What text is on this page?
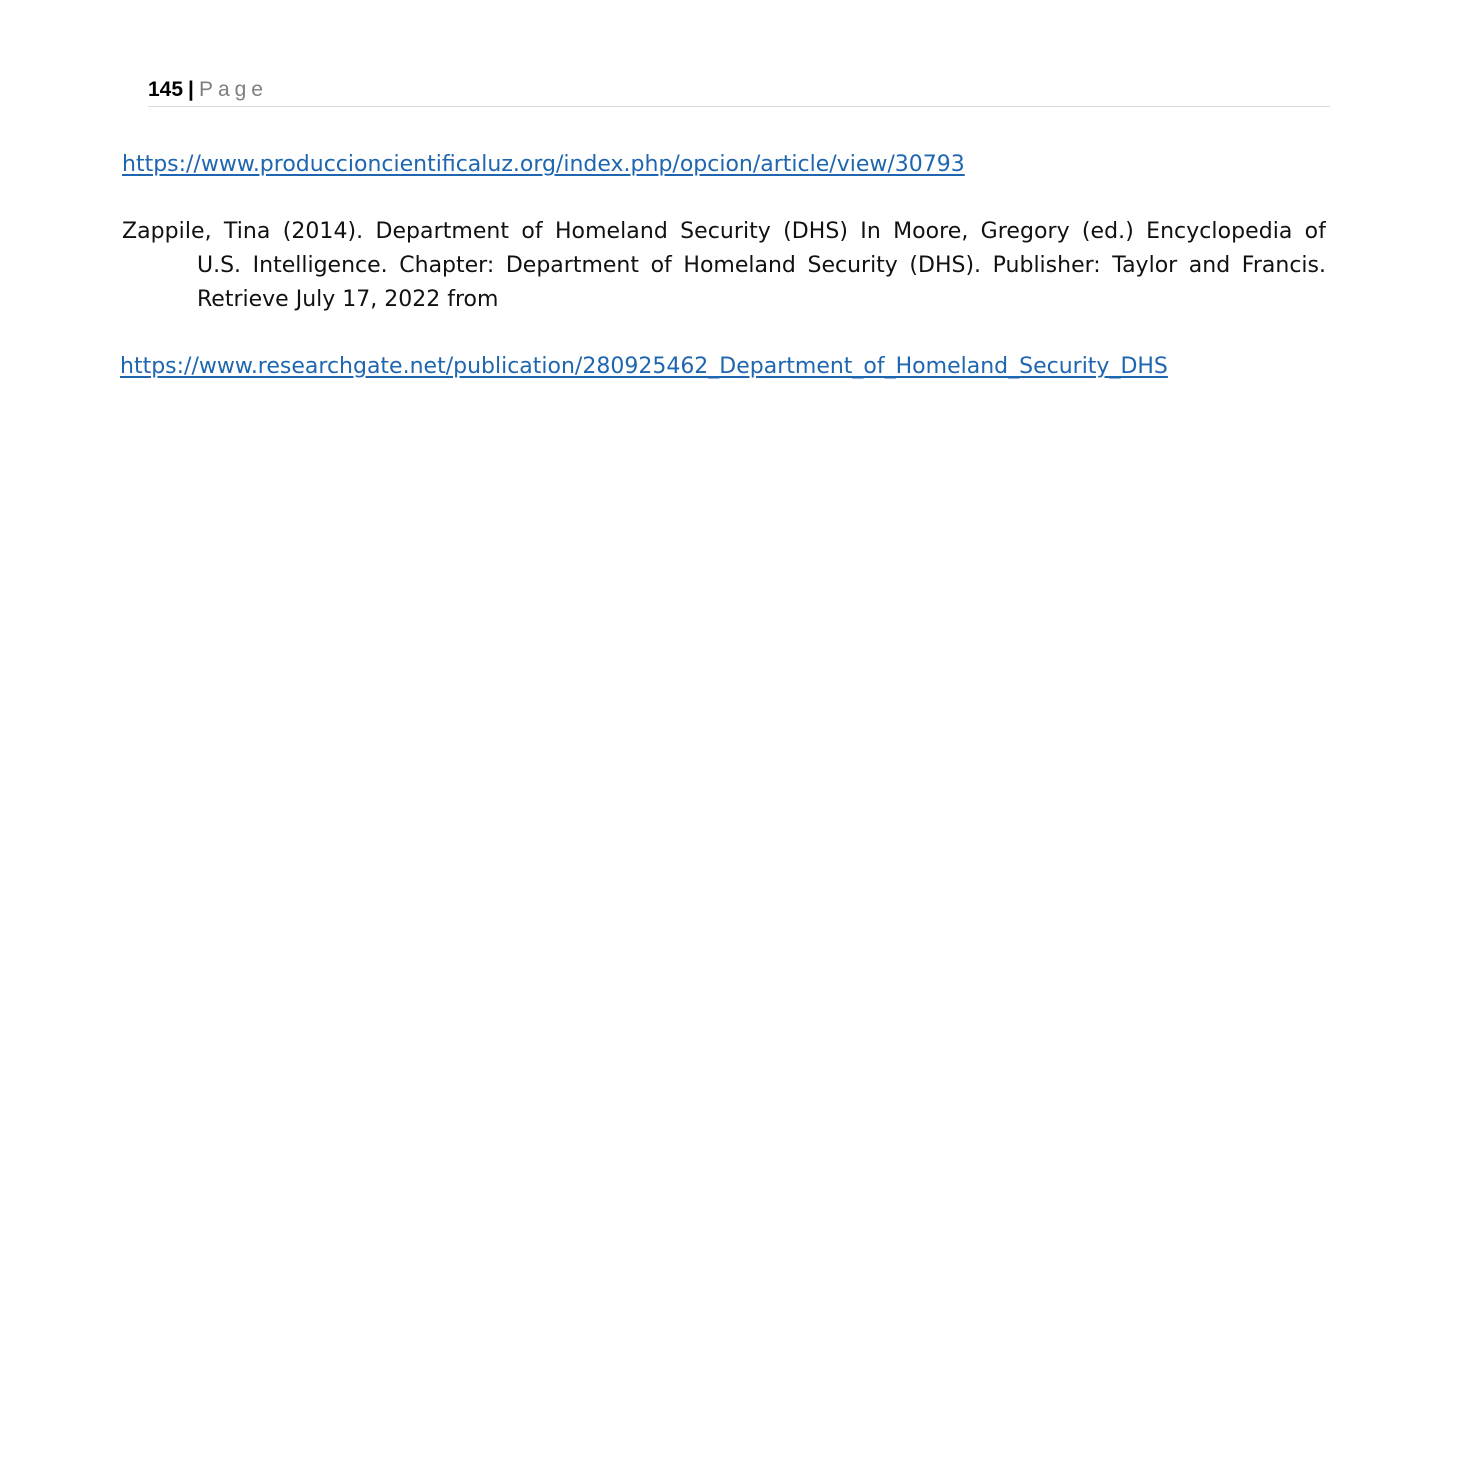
145 | Page
https://www.produccioncientificaluz.org/index.php/opcion/article/view/30793
Zappile, Tina (2014). Department of Homeland Security (DHS) In Moore, Gregory (ed.) Encyclopedia of
U.S. Intelligence. Chapter: Department of Homeland Security (DHS). Publisher: Taylor and Francis.
Retrieve July 17, 2022 from
https://www.researchgate.net/publication/280925462_Department_of_Homeland_Security_DHS
